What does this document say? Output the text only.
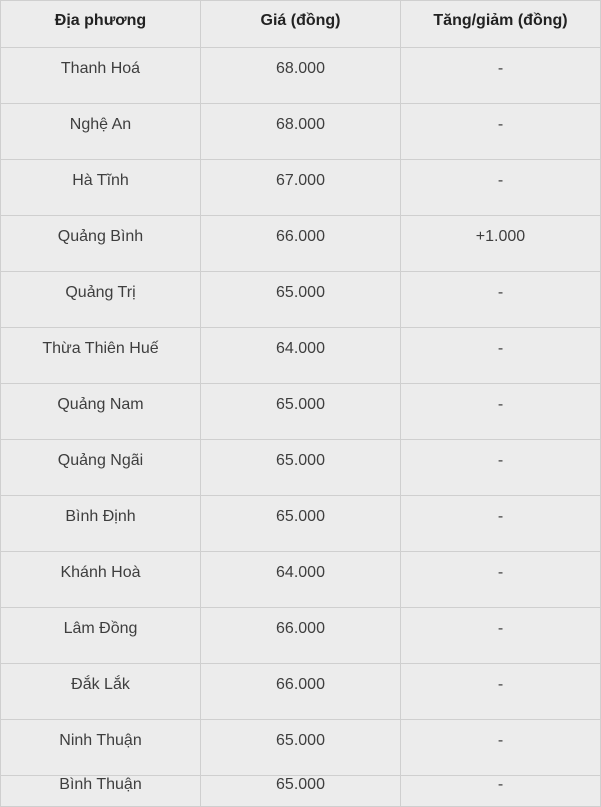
Địa phương	Giá (đồng)	Tăng/giảm (đồng)
Thanh Hoá	68.000	-
Nghệ An	68.000	-
Hà Tĩnh	67.000	-
Quảng Bình	66.000	+1.000
Quảng Trị	65.000	-
Thừa Thiên Huế	64.000	-
Quảng Nam	65.000	-
Quảng Ngãi	65.000	-
Bình Định	65.000	-
Khánh Hoà	64.000	-
Lâm Đồng	66.000	-
Đắk Lắk	66.000	-
Ninh Thuận	65.000	-
Bình Thuận	65.000	-
